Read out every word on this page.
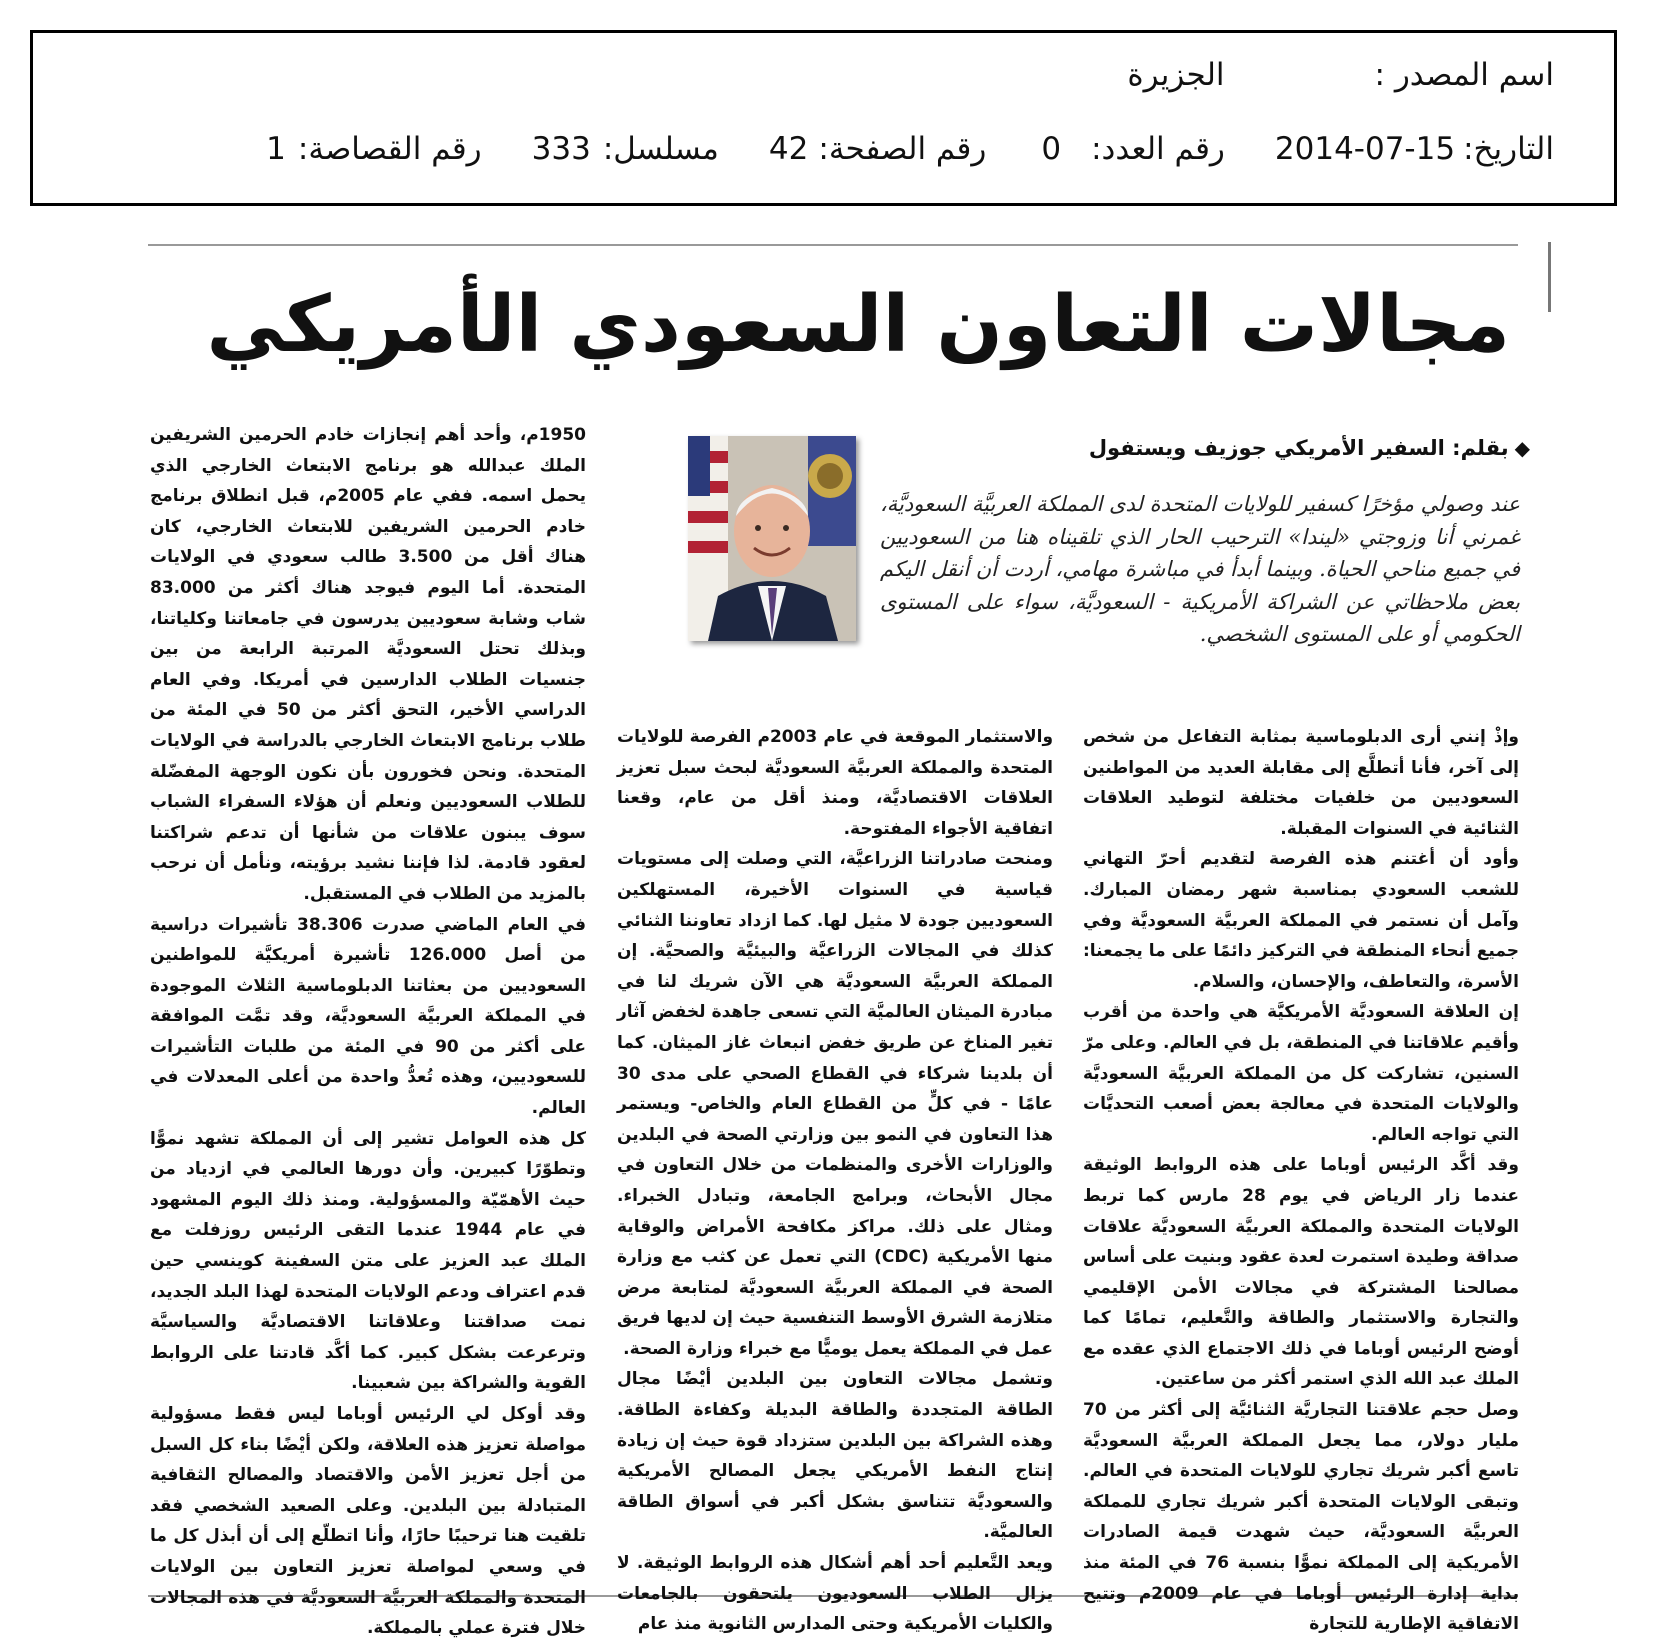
اسم المصدر :
الجزيرة
التاريخ:
2014-07-15
رقم العدد:
0
رقم الصفحة:
42
مسلسل:
333
رقم القصاصة:
1
مجالات التعاون السعودي الأمريكي
◆بقلم: السفير الأمريكي جوزيف ويستفول
عند وصولي مؤخرًا كسفير للولايات المتحدة لدى المملكة العربيَّة السعوديَّة، غمرني أنا وزوجتي «ليندا» الترحيب الحار الذي تلقيناه هنا من السعوديين في جميع مناحي الحياة. وبينما أبدأ في مباشرة مهامي، أردت أن أنقل اليكم بعض ملاحظاتي عن الشراكة الأمريكية - السعوديَّة، سواء على المستوى الحكومي أو على المستوى الشخصي.

وإذْ إنني أرى الدبلوماسية بمثابة التفاعل من شخص إلى آخر، فأنا أتطلَّع إلى مقابلة العديد من المواطنين السعوديين من خلفيات مختلفة لتوطيد العلاقات الثنائية في السنوات المقبلة.

وأود أن أغتنم هذه الفرصة لتقديم أحرّ التهاني للشعب السعودي بمناسبة شهر رمضان المبارك. وآمل أن نستمر في المملكة العربيَّة السعوديَّة وفي جميع أنحاء المنطقة في التركيز دائمًا على ما يجمعنا: الأسرة، والتعاطف، والإحسان، والسلام.

إن العلاقة السعوديَّة الأمريكيَّة هي واحدة من أقرب وأقيم علاقاتنا في المنطقة، بل في العالم. وعلى مرّ السنين، تشاركت كل من المملكة العربيَّة السعوديَّة والولايات المتحدة في معالجة بعض أصعب التحديَّات التي تواجه العالم.

وقد أكَّد الرئيس أوباما على هذه الروابط الوثيقة عندما زار الرياض في يوم 28 مارس كما تربط الولايات المتحدة والمملكة العربيَّة السعوديَّة علاقات صداقة وطيدة استمرت لعدة عقود وبنيت على أساس مصالحنا المشتركة في مجالات الأمن الإقليمي والتجارة والاستثمار والطاقة والتَّعليم، تمامًا كما أوضح الرئيس أوباما في ذلك الاجتماع الذي عقده مع الملك عبد الله الذي استمر أكثر من ساعتين.

وصل حجم علاقتنا التجاريَّة الثنائيَّة إلى أكثر من 70 مليار دولار، مما يجعل المملكة العربيَّة السعوديَّة تاسع أكبر شريك تجاري للولايات المتحدة في العالم. وتبقى الولايات المتحدة أكبر شريك تجاري للمملكة العربيَّة السعوديَّة، حيث شهدت قيمة الصادرات الأمريكية إلى المملكة نموًّا بنسبة 76 في المئة منذ بداية إدارة الرئيس أوباما في عام 2009م وتتيح الاتفاقية الإطارية للتجارة

والاستثمار الموقعة في عام 2003م الفرصة للولايات المتحدة والمملكة العربيَّة السعوديَّة لبحث سبل تعزيز العلاقات الاقتصاديَّة، ومنذ أقل من عام، وقعنا اتفاقية الأجواء المفتوحة.

ومنحت صادراتنا الزراعيَّة، التي وصلت إلى مستويات قياسية في السنوات الأخيرة، المستهلكين السعوديين جودة لا مثيل لها. كما ازداد تعاوننا الثنائي كذلك في المجالات الزراعيَّة والبيئيَّة والصحيَّة. إن المملكة العربيَّة السعوديَّة هي الآن شريك لنا في مبادرة الميثان العالميَّة التي تسعى جاهدة لخفض آثار تغير المناخ عن طريق خفض انبعاث غاز الميثان. كما أن بلدينا شركاء في القطاع الصحي على مدى 30 عامًا - في كلٍّ من القطاع العام والخاص- ويستمر هذا التعاون في النمو بين وزارتي الصحة في البلدين والوزارات الأخرى والمنظمات من خلال التعاون في مجال الأبحاث، وبرامج الجامعة، وتبادل الخبراء. ومثال على ذلك. مراكز مكافحة الأمراض والوقاية منها الأمريكية (CDC) التي تعمل عن كثب مع وزارة الصحة في المملكة العربيَّة السعوديَّة لمتابعة مرض متلازمة الشرق الأوسط التنفسية حيث إن لديها فريق عمل في المملكة يعمل يوميًّا مع خبراء وزارة الصحة.

وتشمل مجالات التعاون بين البلدين أيْضًا مجال الطاقة المتجددة والطاقة البديلة وكفاءة الطاقة. وهذه الشراكة بين البلدين ستزداد قوة حيث إن زيادة إنتاج النفط الأمريكي يجعل المصالح الأمريكية والسعوديَّة تتناسق بشكل أكبر في أسواق الطاقة العالميَّة.

ويعد التَّعليم أحد أهم أشكال هذه الروابط الوثيقة. لا يزال الطلاب السعوديون يلتحقون بالجامعات والكليات الأمريكية وحتى المدارس الثانوية منذ عام

1950م، وأحد أهم إنجازات خادم الحرمين الشريفين الملك عبدالله هو برنامج الابتعاث الخارجي الذي يحمل اسمه. ففي عام 2005م، قبل انطلاق برنامج خادم الحرمين الشريفين للابتعاث الخارجي، كان هناك أقل من 3.500 طالب سعودي في الولايات المتحدة. أما اليوم فيوجد هناك أكثر من 83.000 شاب وشابة سعوديين يدرسون في جامعاتنا وكلياتنا، وبذلك تحتل السعوديَّة المرتبة الرابعة من بين جنسيات الطلاب الدارسين في أمريكا. وفي العام الدراسي الأخير، التحق أكثر من 50 في المئة من طلاب برنامج الابتعاث الخارجي بالدراسة في الولايات المتحدة. ونحن فخورون بأن نكون الوجهة المفضّلة للطلاب السعوديين ونعلم أن هؤلاء السفراء الشباب سوف يبنون علاقات من شأنها أن تدعم شراكتنا لعقود قادمة. لذا فإننا نشيد برؤيته، ونأمل أن نرحب بالمزيد من الطلاب في المستقبل.

في العام الماضي صدرت 38.306 تأشيرات دراسية من أصل 126.000 تأشيرة أمريكيَّة للمواطنين السعوديين من بعثاتنا الدبلوماسية الثلاث الموجودة في المملكة العربيَّة السعوديَّة، وقد تمَّت الموافقة على أكثر من 90 في المئة من طلبات التأشيرات للسعوديين، وهذه تُعدُّ واحدة من أعلى المعدلات في العالم.

كل هذه العوامل تشير إلى أن المملكة تشهد نموًّا وتطوّرًا كبيرين. وأن دورها العالمي في ازدياد من حيث الأهمّيّة والمسؤولية. ومنذ ذلك اليوم المشهود في عام 1944 عندما التقى الرئيس روزفلت مع الملك عبد العزيز على متن السفينة كوينسي حين قدم اعتراف ودعم الولايات المتحدة لهذا البلد الجديد، نمت صداقتنا وعلاقاتنا الاقتصاديَّة والسياسيَّة وترعرعت بشكل كبير. كما أكَّد قادتنا على الروابط القوية والشراكة بين شعبينا.

وقد أوكل لي الرئيس أوباما ليس فقط مسؤولية مواصلة تعزيز هذه العلاقة، ولكن أيْضًا بناء كل السبل من أجل تعزيز الأمن والاقتصاد والمصالح الثقافية المتبادلة بين البلدين. وعلى الصعيد الشخصي فقد تلقيت هنا ترحيبًا حارًا، وأنا اتطلّع إلى أن أبذل كل ما في وسعي لمواصلة تعزيز التعاون بين الولايات المتحدة والمملكة العربيَّة السعوديَّة في هذه المجالات خلال فترة عملي بالمملكة.
